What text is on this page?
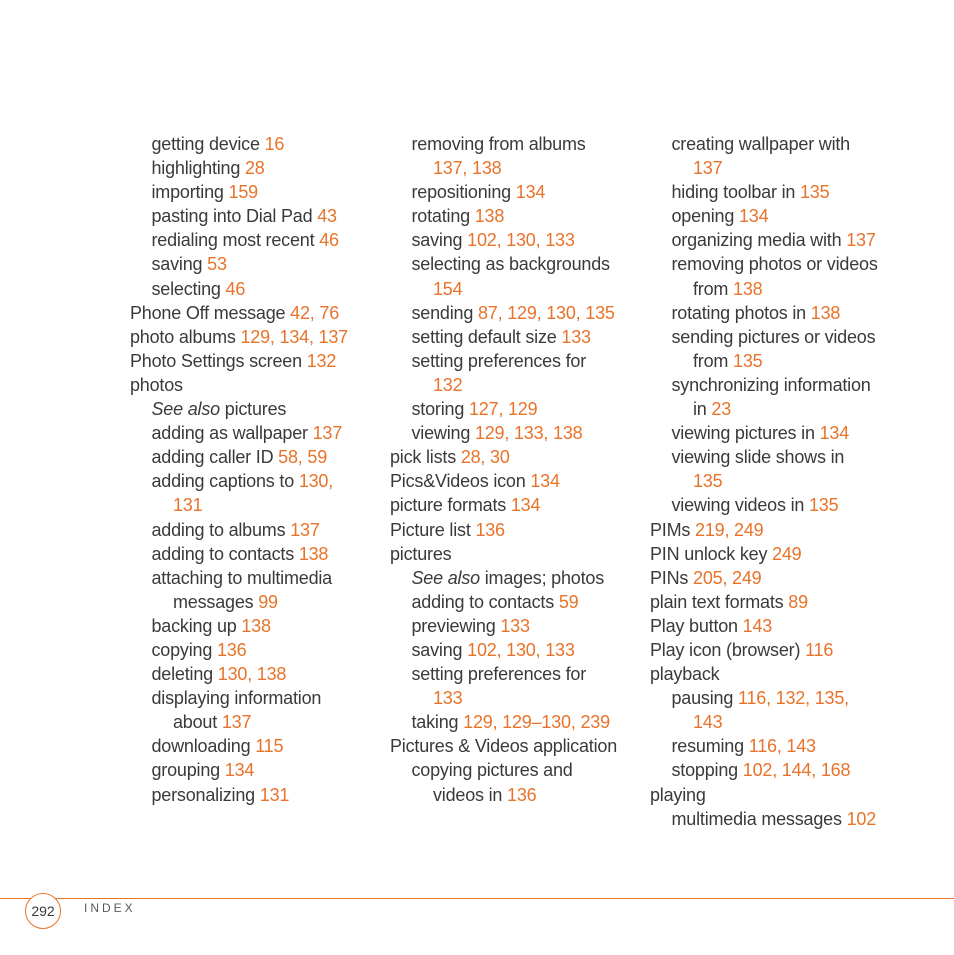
getting device 16
highlighting 28
importing 159
pasting into Dial Pad 43
redialing most recent 46
saving 53
selecting 46
Phone Off message 42, 76
photo albums 129, 134, 137
Photo Settings screen 132
photos
See also pictures
adding as wallpaper 137
adding caller ID 58, 59
adding captions to 130,
131
adding to albums 137
adding to contacts 138
attaching to multimedia
messages 99
backing up 138
copying 136
deleting 130, 138
displaying information
about 137
downloading 115
grouping 134
personalizing 131
removing from albums
137, 138
repositioning 134
rotating 138
saving 102, 130, 133
selecting as backgrounds
154
sending 87, 129, 130, 135
setting default size 133
setting preferences for
132
storing 127, 129
viewing 129, 133, 138
pick lists 28, 30
Pics&Videos icon 134
picture formats 134
Picture list 136
pictures
See also images; photos
adding to contacts 59
previewing 133
saving 102, 130, 133
setting preferences for
133
taking 129, 129–130, 239
Pictures & Videos application
copying pictures and
videos in 136
creating wallpaper with
137
hiding toolbar in 135
opening 134
organizing media with 137
removing photos or videos
from 138
rotating photos in 138
sending pictures or videos
from 135
synchronizing information
in 23
viewing pictures in 134
viewing slide shows in
135
viewing videos in 135
PIMs 219, 249
PIN unlock key 249
PINs 205, 249
plain text formats 89
Play button 143
Play icon (browser) 116
playback
pausing 116, 132, 135,
143
resuming 116, 143
stopping 102, 144, 168
playing
multimedia messages 102
292	INDEX
